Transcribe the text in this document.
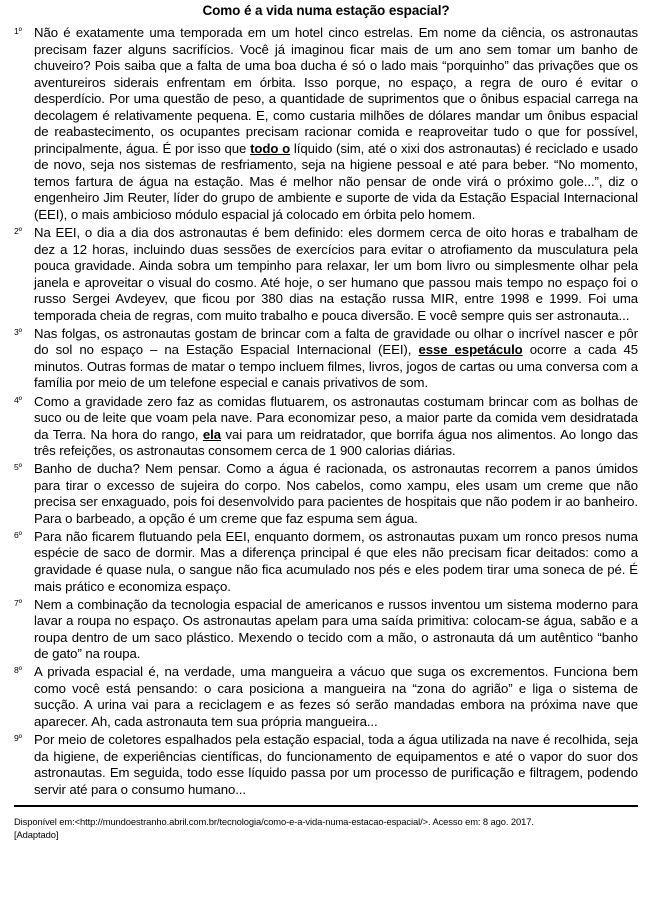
Como é a vida numa estação espacial?

1º Não é exatamente uma temporada em um hotel cinco estrelas. Em nome da ciência, os astronautas precisam fazer alguns sacrifícios. Você já imaginou ficar mais de um ano sem tomar um banho de chuveiro? Pois saiba que a falta de uma boa ducha é só o lado mais “porquinho” das privações que os aventureiros siderais enfrentam em órbita. Isso porque, no espaço, a regra de ouro é evitar o desperdício. Por uma questão de peso, a quantidade de suprimentos que o ônibus espacial carrega na decolagem é relativamente pequena. E, como custaria milhões de dólares mandar um ônibus espacial de reabastecimento, os ocupantes precisam racionar comida e reaproveitar tudo o que for possível, principalmente, água. É por isso que todo o líquido (sim, até o xixi dos astronautas) é reciclado e usado de novo, seja nos sistemas de resfriamento, seja na higiene pessoal e até para beber. “No momento, temos fartura de água na estação. Mas é melhor não pensar de onde virá o próximo gole...”, diz o engenheiro Jim Reuter, líder do grupo de ambiente e suporte de vida da Estação Espacial Internacional (EEI), o mais ambicioso módulo espacial já colocado em órbita pelo homem.

2º Na EEI, o dia a dia dos astronautas é bem definido: eles dormem cerca de oito horas e trabalham de dez a 12 horas, incluindo duas sessões de exercícios para evitar o atrofiamento da musculatura pela pouca gravidade. Ainda sobra um tempinho para relaxar, ler um bom livro ou simplesmente olhar pela janela e aproveitar o visual do cosmo. Até hoje, o ser humano que passou mais tempo no espaço foi o russo Sergei Avdeyev, que ficou por 380 dias na estação russa MIR, entre 1998 e 1999. Foi uma temporada cheia de regras, com muito trabalho e pouca diversão. E você sempre quis ser astronauta...

3º Nas folgas, os astronautas gostam de brincar com a falta de gravidade ou olhar o incrível nascer e pôr do sol no espaço – na Estação Espacial Internacional (EEI), esse espetáculo ocorre a cada 45 minutos. Outras formas de matar o tempo incluem filmes, livros, jogos de cartas ou uma conversa com a família por meio de um telefone especial e canais privativos de som.

4º Como a gravidade zero faz as comidas flutuarem, os astronautas costumam brincar com as bolhas de suco ou de leite que voam pela nave. Para economizar peso, a maior parte da comida vem desidratada da Terra. Na hora do rango, ela vai para um reidratador, que borrifa água nos alimentos. Ao longo das três refeições, os astronautas consomem cerca de 1 900 calorias diárias.

5º Banho de ducha? Nem pensar. Como a água é racionada, os astronautas recorrem a panos úmidos para tirar o excesso de sujeira do corpo. Nos cabelos, como xampu, eles usam um creme que não precisa ser enxaguado, pois foi desenvolvido para pacientes de hospitais que não podem ir ao banheiro. Para o barbeado, a opção é um creme que faz espuma sem água.

6º Para não ficarem flutuando pela EEI, enquanto dormem, os astronautas puxam um ronco presos numa espécie de saco de dormir. Mas a diferença principal é que eles não precisam ficar deitados: como a gravidade é quase nula, o sangue não fica acumulado nos pés e eles podem tirar uma soneca de pé. É mais prático e economiza espaço.

7º Nem a combinação da tecnologia espacial de americanos e russos inventou um sistema moderno para lavar a roupa no espaço. Os astronautas apelam para uma saída primitiva: colocam-se água, sabão e a roupa dentro de um saco plástico. Mexendo o tecido com a mão, o astronauta dá um autêntico “banho de gato” na roupa.

8º A privada espacial é, na verdade, uma mangueira a vácuo que suga os excrementos. Funciona bem como você está pensando: o cara posiciona a mangueira na “zona do agrião” e liga o sistema de sucção. A urina vai para a reciclagem e as fezes só serão mandadas embora na próxima nave que aparecer. Ah, cada astronauta tem sua própria mangueira...

9º Por meio de coletores espalhados pela estação espacial, toda a água utilizada na nave é recolhida, seja da higiene, de experiências científicas, do funcionamento de equipamentos e até o vapor do suor dos astronautas. Em seguida, todo esse líquido passa por um processo de purificação e filtragem, podendo servir até para o consumo humano...

Disponível em:<http://mundoestranho.abril.com.br/tecnologia/como-e-a-vida-numa-estacao-espacial/>. Acesso em: 8 ago. 2017.
[Adaptado]
